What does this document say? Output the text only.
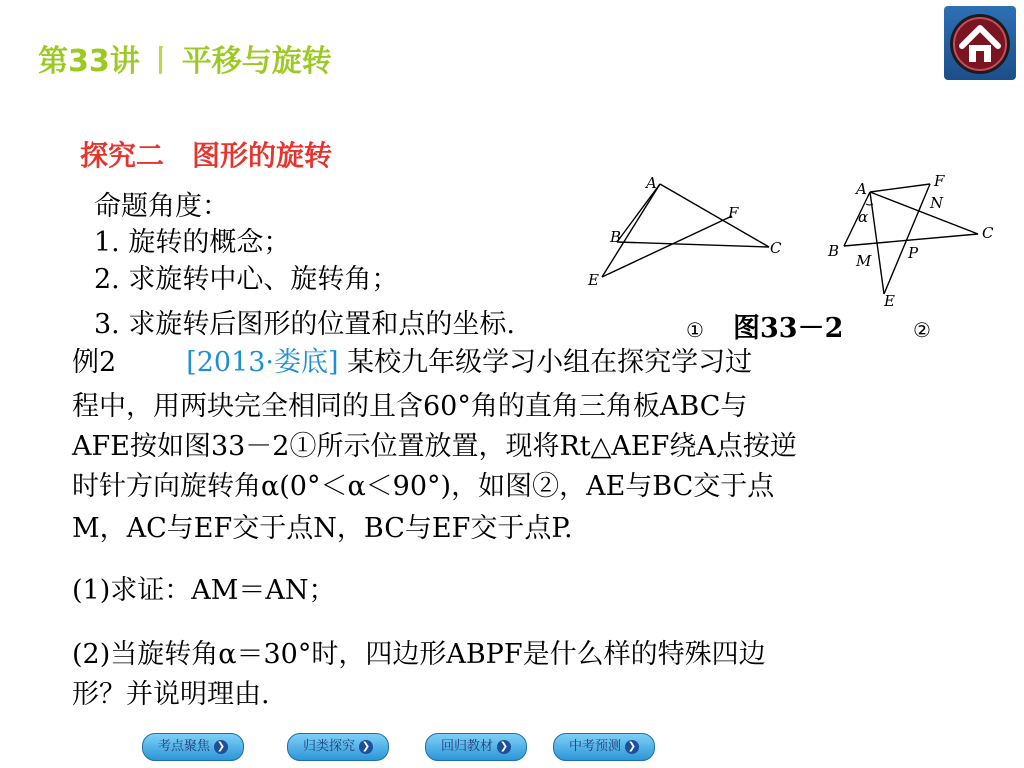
第33讲 丨 平移与旋转
探究二　图形的旋转
命题角度：
1. 旋转的概念；
2. 求旋转中心、旋转角；
3. 求旋转后图形的位置和点的坐标.	① 图33－2	②
A
F
B
C
E
A	F
N
α
C
B
M P
E
例2	[2013·娄底] 某校九年级学习小组在探究学习过
程中，用两块完全相同的且含60°角的直角三角板ABC与
AFE按如图33－2①所示位置放置，现将Rt△AEF绕A点按逆
时针方向旋转角α(0°＜α＜90°)，如图②，AE与BC交于点
M，AC与EF交于点N，BC与EF交于点P.
(1)求证：AM＝AN；
(2)当旋转角α＝30°时，四边形ABPF是什么样的特殊四边
形？并说明理由.
考点聚焦 ❯	归类探究 ❯	回归教材 ❯	中考预测 ❯
